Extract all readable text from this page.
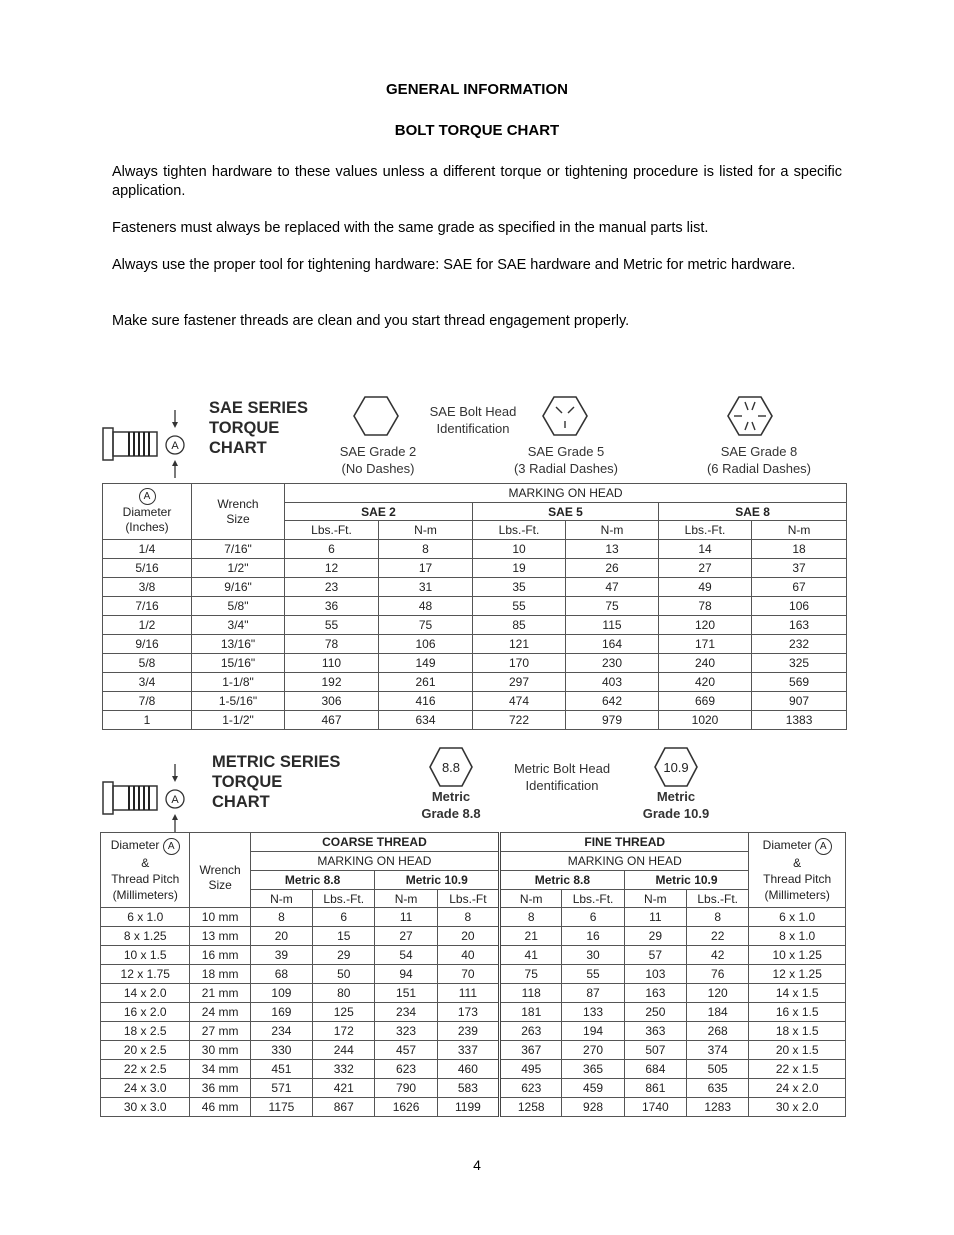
GENERAL INFORMATION
BOLT TORQUE CHART
Always tighten hardware to these values unless a different torque or tightening procedure is listed for a specific application.
Fasteners must always be replaced with the same grade as specified in the manual parts list.
Always use the proper tool for tightening hardware: SAE for SAE hardware and Metric for metric hardware.
Make sure fastener threads are clean and you start thread engagement properly.
A
SAE SERIES
TORQUE
CHART	SAE Grade 2
(No Dashes)
SAE Bolt Head
Identification
SAE Grade 5
(3 Radial Dashes)
SAE Grade 8
(6 Radial Dashes)
A
Diameter
(Inches)	Wrench
Size	MARKING ON HEAD					
		SAE 2		SAE 5		SAE 8	
		Lbs.-Ft.	N-m	Lbs.-Ft.	N-m	Lbs.-Ft.	N-m
1/4	7/16"	6	8	10	13	14	18
5/16	1/2"	12	17	19	26	27	37
3/8	9/16"	23	31	35	47	49	67
7/16	5/8"	36	48	55	75	78	106
1/2	3/4"	55	75	85	115	120	163
9/16	13/16"	78	106	121	164	171	232
5/8	15/16"	110	149	170	230	240	325
3/4	1-1/8"	192	261	297	403	420	569
7/8	1-5/16"	306	416	474	642	669	907
1	1-1/2"	467	634	722	979	1020	1383
A
METRIC SERIES
TORQUE
CHART
8.8
Metric
Grade 8.8
Metric Bolt Head
Identification
10.9
Metric
Grade 10.9
Diameter A
&
Thread Pitch
(Millimeters)	Wrench
Size	COARSE THREAD				FINE THREAD				Diameter A
&
Thread Pitch
(Millimeters)
		MARKING ON HEAD				MARKING ON HEAD				
		Metric 8.8		Metric 10.9		Metric 8.8		Metric 10.9		
		N-m	Lbs.-Ft.	N-m	Lbs.-Ft	N-m	Lbs.-Ft.	N-m	Lbs.-Ft.	
6 x 1.0	10 mm	8	6	11	8	8	6	11	8	6 x 1.0
8 x 1.25	13 mm	20	15	27	20	21	16	29	22	8 x 1.0
10 x 1.5	16 mm	39	29	54	40	41	30	57	42	10 x 1.25
12 x 1.75	18 mm	68	50	94	70	75	55	103	76	12 x 1.25
14 x 2.0	21 mm	109	80	151	111	118	87	163	120	14 x 1.5
16 x 2.0	24 mm	169	125	234	173	181	133	250	184	16 x 1.5
18 x 2.5	27 mm	234	172	323	239	263	194	363	268	18 x 1.5
20 x 2.5	30 mm	330	244	457	337	367	270	507	374	20 x 1.5
22 x 2.5	34 mm	451	332	623	460	495	365	684	505	22 x 1.5
24 x 3.0	36 mm	571	421	790	583	623	459	861	635	24 x 2.0
30 x 3.0	46 mm	1175	867	1626	1199	1258	928	1740	1283	30 x 2.0
4
